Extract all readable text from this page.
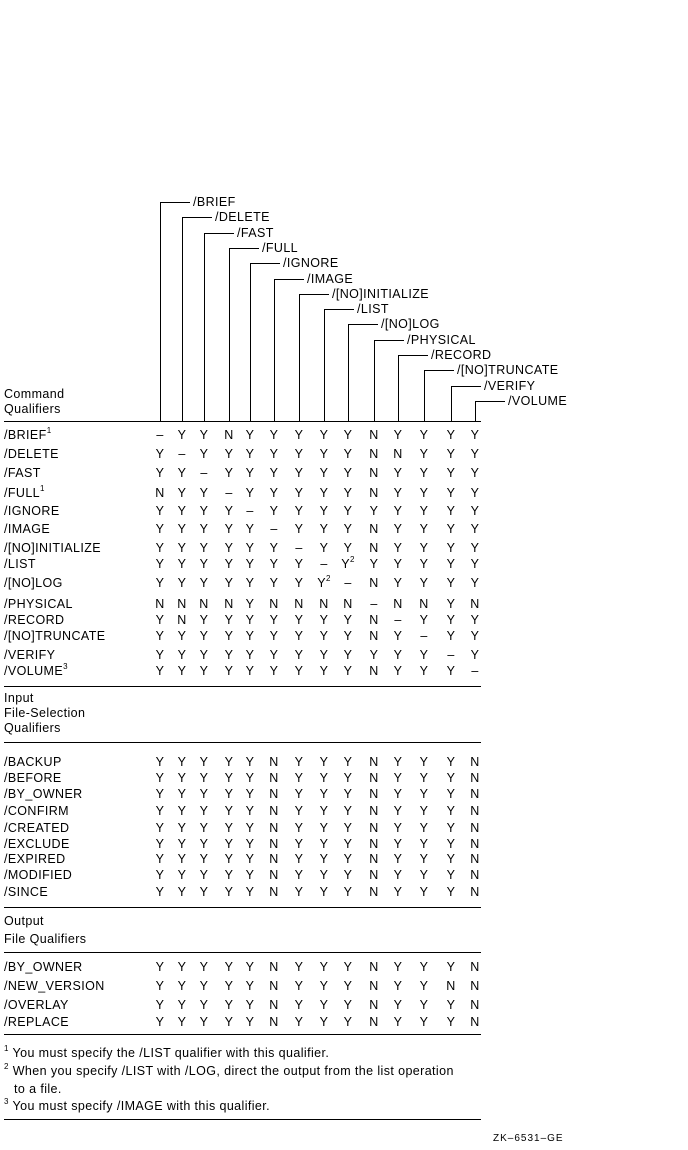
/BRIEF
/DELETE
/FAST
/FULL
/IGNORE
/IMAGE
/[NO]INITIALIZE
/LIST
/[NO]LOG
/PHYSICAL
/RECORD
/[NO]TRUNCATE
/VERIFY
/VOLUME
Command
Qualifiers
/BRIEF$^1$	– Y Y N Y Y Y Y Y N Y Y Y Y
/DELETE	Y – Y Y Y Y Y Y Y N N Y Y Y
/FAST	Y Y – Y Y Y Y Y Y N Y Y Y Y
/FULL$^1$	N Y Y – Y Y Y Y Y N Y Y Y Y
/IGNORE	Y Y Y Y – Y Y Y Y Y Y Y Y Y
/IMAGE	Y Y Y Y Y – Y Y Y N Y Y Y Y
/[NO]INITIALIZE	Y Y Y Y Y Y – Y Y N Y Y Y Y
/LIST	Y Y Y Y Y Y Y – $Y^2$ Y Y Y Y Y
/[NO]LOG	Y Y Y Y Y Y Y $Y^2$ – N Y Y Y Y
/PHYSICAL	N N N N Y N N N N – N N Y N
/RECORD	Y N Y Y Y Y Y Y Y N – Y Y Y
/[NO]TRUNCATE	Y Y Y Y Y Y Y Y Y N Y – Y Y
/VERIFY	Y Y Y Y Y Y Y Y Y Y Y Y – Y
/VOLUME$^3$	Y Y Y Y Y Y Y Y Y N Y Y Y –
Input
File-Selection
Qualifiers
/BACKUP	Y Y Y Y Y N Y Y Y N Y Y Y N
/BEFORE	Y Y Y Y Y N Y Y Y N Y Y Y N
/BY_OWNER	Y Y Y Y Y N Y Y Y N Y Y Y N
/CONFIRM	Y Y Y Y Y N Y Y Y N Y Y Y N
/CREATED	Y Y Y Y Y N Y Y Y N Y Y Y N
/EXCLUDE	Y Y Y Y Y N Y Y Y N Y Y Y N
/EXPIRED	Y Y Y Y Y N Y Y Y N Y Y Y N
/MODIFIED	Y Y Y Y Y N Y Y Y N Y Y Y N
/SINCE	Y Y Y Y Y N Y Y Y N Y Y Y N
Output
File Qualifiers
/BY_OWNER	Y Y Y Y Y N Y Y Y N Y Y Y N
/NEW_VERSION	Y Y Y Y Y N Y Y Y N Y Y N N
/OVERLAY	Y Y Y Y Y N Y Y Y N Y Y Y N
/REPLACE	Y Y Y Y Y N Y Y Y N Y Y Y N
$^1$ You must specify the /LIST qualifier with this qualifier.
$^2$ When you specify /LIST with /LOG, direct the output from the list operation
to a file.
$^3$ You must specify /IMAGE with this qualifier.
ZK–6531–GE
